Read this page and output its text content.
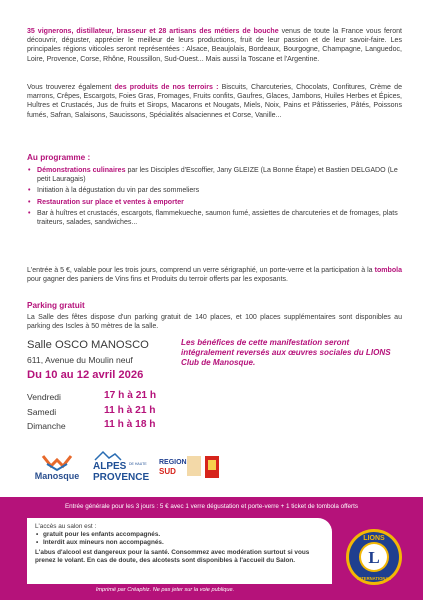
35 vignerons, distillateur, brasseur et 28 artisans des métiers de bouche venus de toute la France vous feront découvrir, déguster, apprécier le meilleur de leurs productions, fruit de leur passion et de leur savoir-faire. Les principales régions viticoles seront représentées : Alsace, Beaujolais, Bordeaux, Bourgogne, Champagne, Languedoc, Loire, Provence, Corse, Rhône, Roussillon, Sud-Ouest... Mais aussi la Toscane et l'Argentine.

Vous trouverez également des produits de nos terroirs : Biscuits, Charcuteries, Chocolats, Confitures, Crème de marrons, Crêpes, Escargots, Foies Gras, Fromages, Fruits confits, Gaufres, Glaces, Jambons, Huiles Herbes et Épices, Huîtres et Crustacés, Jus de fruits et Sirops, Macarons et Nougats, Miels, Noix, Pains et Pâtisseries, Pâtés, Poissons fumés, Safran, Salaisons, Saucissons, Spécialités alsaciennes et Corse, Vanille...

Au programme :
• Démonstrations culinaires par les Disciples d'Escoffier, Jany GLEIZE (La Bonne Étape) et Bastien DELGADO (Le petit Lauragais)
• Initiation à la dégustation du vin par des sommeliers
• Restauration sur place et ventes à emporter
• Bar à huîtres et crustacés, escargots, flammekueche, saumon fumé, assiettes de charcuteries et de fromages, plats traiteurs, salades, sandwiches...

L'entrée à 5 €, valable pour les trois jours, comprend un verre sérigraphié, un porte-verre et la participation à la tombola pour gagner des paniers de Vins fins et Produits du terroir offerts par les exposants.

Parking gratuit

La Salle des fêtes dispose d'un parking gratuit de 140 places, et 100 places supplémentaires sont disponibles au parking des Iscles à 50 mètres de la salle.

Salle OSCO MANOSCO
611, Avenue du Moulin neuf
Du 10 au 12 avril 2026
Vendredi	17 h à 21 h
Samedi	11 h à 21 h
Dimanche	11 h à 18 h
Les bénéfices de cette manifestation seront intégralement reversés aux œuvres sociales du LIONS Club de Manosque.
Manosque
ALPES DE HAUTE
PROVENCE
REGION
SUD
Entrée générale pour les 3 jours : 5 € avec 1 verre dégustation et porte-verre + 1 ticket de tombola offerts
L'accès au salon est :
• gratuit pour les enfants accompagnés.
• Interdit aux mineurs non accompagnés.
L'abus d'alcool est dangereux pour la santé. Consommez avec modération surtout si vous prenez le volant. En cas de doute, des alcotests sont disponibles à l'accueil du Salon.
Imprimé par Créaphiz. Ne pas jeter sur la voie publique.
L
LIONS
INTERNATIONAL
